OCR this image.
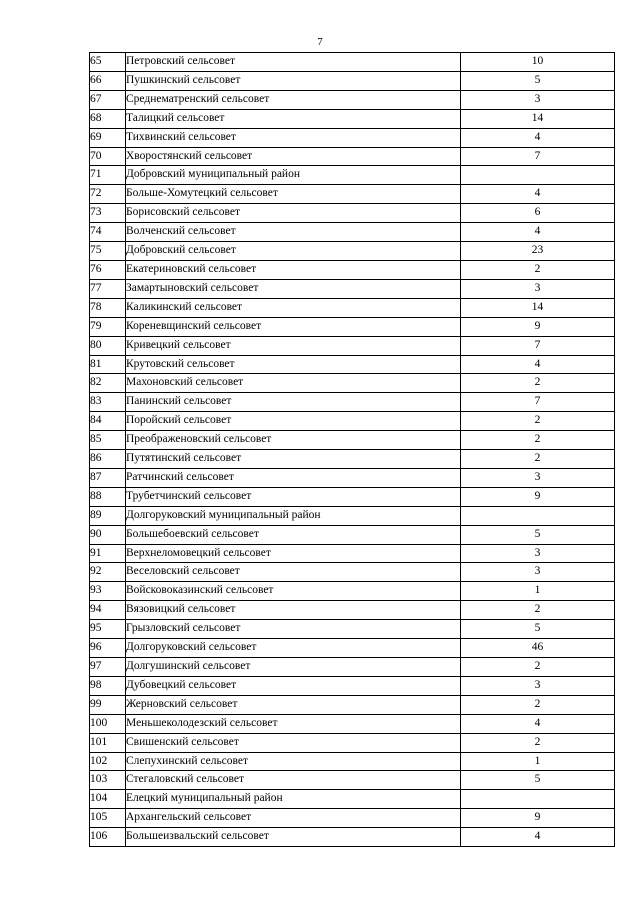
7
65	Петровский сельсовет	10
66	Пушкинский сельсовет	5
67	Среднематренский сельсовет	3
68	Талицкий сельсовет	14
69	Тихвинский сельсовет	4
70	Хворостянский сельсовет	7
71	Добровский муниципальный район	
72	Больше-Хомутецкий сельсовет	4
73	Борисовский сельсовет	6
74	Волченский сельсовет	4
75	Добровский сельсовет	23
76	Екатериновский сельсовет	2
77	Замартыновский сельсовет	3
78	Каликинский сельсовет	14
79	Кореневщинский сельсовет	9
80	Кривецкий сельсовет	7
81	Крутовский сельсовет	4
82	Махоновский сельсовет	2
83	Панинский сельсовет	7
84	Поройский сельсовет	2
85	Преображеновский сельсовет	2
86	Путятинский сельсовет	2
87	Ратчинский сельсовет	3
88	Трубетчинский сельсовет	9
89	Долгоруковский муниципальный район	
90	Большебоевский сельсовет	5
91	Верхнеломовецкий сельсовет	3
92	Веселовский сельсовет	3
93	Войсковоказинский сельсовет	1
94	Вязовицкий сельсовет	2
95	Грызловский сельсовет	5
96	Долгоруковский сельсовет	46
97	Долгушинский сельсовет	2
98	Дубовецкий сельсовет	3
99	Жерновский сельсовет	2
100	Меньшеколодезский сельсовет	4
101	Свишенский сельсовет	2
102	Слепухинский сельсовет	1
103	Стегаловский сельсовет	5
104	Елецкий муниципальный район	
105	Архангельский сельсовет	9
106	Большеизвальский сельсовет	4
